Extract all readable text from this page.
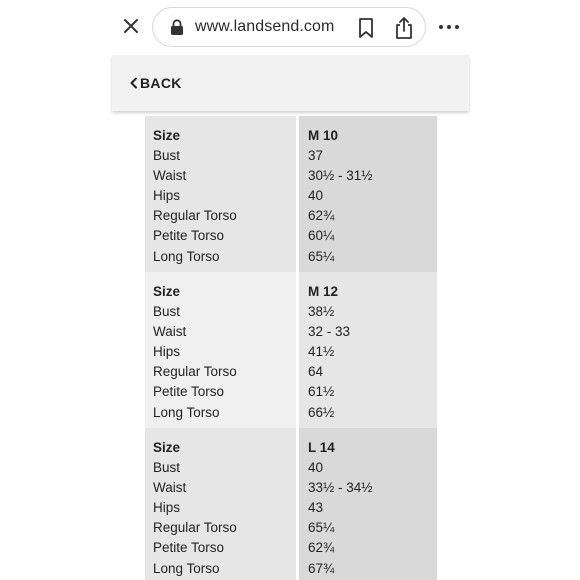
www.landsend.com
BACK
Size
Bust
Waist
Hips
Regular Torso
Petite Torso
Long Torso
M 10
37
30½ - 31½
40
62¾
60¼
65¼
Size
Bust
Waist
Hips
Regular Torso
Petite Torso
Long Torso
M 12
38½
32 - 33
41½
64
61½
66½
Size
Bust
Waist
Hips
Regular Torso
Petite Torso
Long Torso
L 14
40
33½ - 34½
43
65¼
62¾
67¾
